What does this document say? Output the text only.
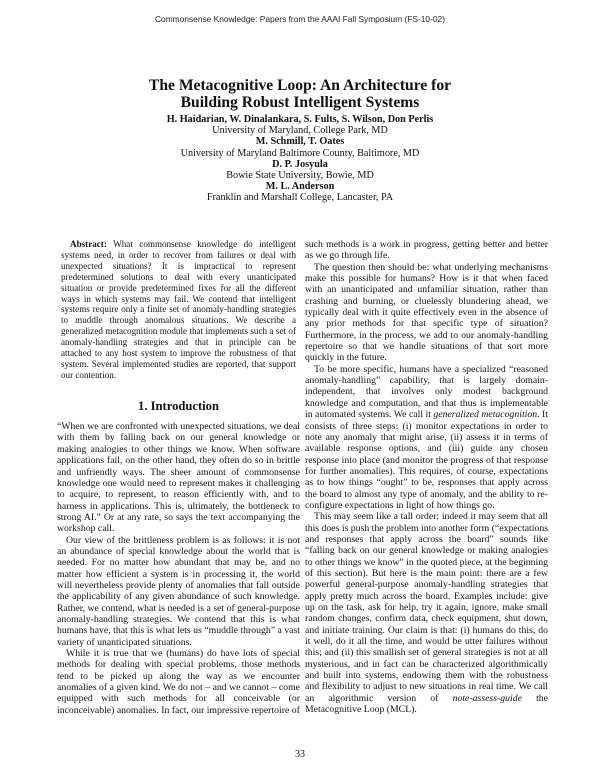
Commonsense Knowledge: Papers from the AAAI Fall Symposium (FS-10-02)
The Metacognitive Loop: An Architecture for
Building Robust Intelligent Systems
H. Haidarian, W. Dinalankara, S. Fults, S. Wilson, Don Perlis
University of Maryland, College Park, MD
M. Schmill, T. Oates
University of Maryland Baltimore County, Baltimore, MD
D. P. Josyula
Bowie State University, Bowie, MD
M. L. Anderson
Franklin and Marshall College, Lancaster, PA

Abstract: What commonsense knowledge do intelligent systems need, in order to recover from failures or deal with unexpected situations? It is impractical to represent predetermined solutions to deal with every unanticipated situation or provide predetermined fixes for all the different ways in which systems may fail. We contend that intelligent systems require only a finite set of anomaly-handling strategies to muddle through anomalous situations. We describe a generalized metacognition module that implements such a set of anomaly-handling strategies and that in principle can be attached to any host system to improve the robustness of that system. Several implemented studies are reported, that support our contention.

1. Introduction

“When we are confronted with unexpected situations, we deal with them by falling back on our general knowledge or making analogies to other things we know. When software applications fail, on the other hand, they often do so in brittle and unfriendly ways. The sheer amount of commonsense knowledge one would need to represent makes it challenging to acquire, to represent, to reason efficiently with, and to harness in applications. This is, ultimately, the bottleneck to strong AI.” Or at any rate, so says the text accompanying the workshop call.

Our view of the brittleness problem is as follows: it is not an abundance of special knowledge about the world that is needed. For no matter how abundant that may be, and no matter how efficient a system is in processing it, the world will nevertheless provide plenty of anomalies that fall outside the applicability of any given abundance of such knowledge. Rather, we contend, what is needed is a set of general-purpose anomaly-handling strategies. We contend that this is what humans have, that this is what lets us “muddle through” a vast variety of unanticipated situations.

While it is true that we (humans) do have lots of special methods for dealing with special problems, those methods tend to be picked up along the way as we encounter anomalies of a given kind. We do not – and we cannot – come equipped with such methods for all conceivable (or inconceivable) anomalies. In fact, our impressive repertoire of

such methods is a work in progress, getting better and better as we go through life.

The question then should be: what underlying mechanisms make this possible for humans? How is it that when faced with an unanticipated and unfamiliar situation, rather than crashing and burning, or cluelessly blundering ahead, we typically deal with it quite effectively even in the absence of any prior methods for that specific type of situation? Furthermore, in the process, we add to our anomaly-handling repertoire so that we handle situations of that sort more quickly in the future.

To be more specific, humans have a specialized “reasoned anomaly-handling” capability, that is largely domain-independent, that involves only modest background knowledge and computation, and that thus is implementable in automated systems. We call it generalized metacognition. It consists of three steps: (i) monitor expectations in order to note any anomaly that might arise, (ii) assess it in terms of available response options, and (iii) guide any chosen response into place (and monitor the progress of that response for further anomalies). This requires, of course, expectations as to how things “ought” to be, responses that apply across the board to almost any type of anomaly, and the ability to re-configure expectations in light of how things go.

This may seem like a tall order; indeed it may seem that all this does is push the problem into another form (“expectations and responses that apply across the board” sounds like “falling back on our general knowledge or making analogies to other things we know” in the quoted piece, at the beginning of this section). But here is the main point: there are a few powerful general-purpose anomaly-handling strategies that apply pretty much across the board. Examples include: give up on the task, ask for help, try it again, ignore, make small random changes, confirm data, check equipment, shut down, and initiate training. Our claim is that: (i) humans do this, do it well, do it all the time, and would be utter failures without this; and (ii) this smallish set of general strategies is not at all mysterious, and in fact can be characterized algorithmically and built into systems, endowing them with the robustness and flexibility to adjust to new situations in real time. We call an algorithmic version of note-assess-guide the Metacognitive Loop (MCL).

33
